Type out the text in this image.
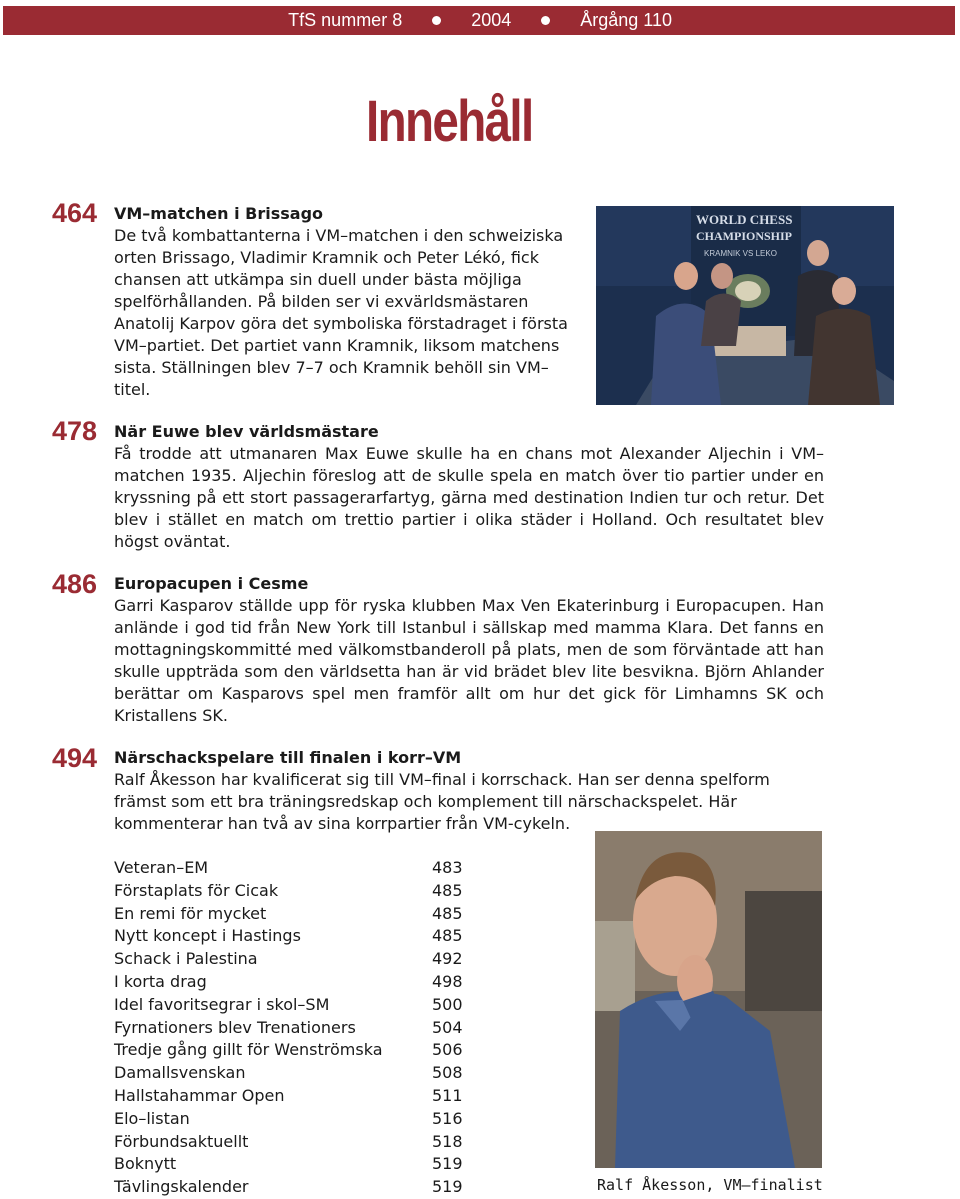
TfS nummer 8	2004	Årgång 110
Innehåll
464 VM–matchen i Brissago

De två kombattanterna i VM–matchen i den schweiziska orten Brissago, Vladimir Kramnik och Peter Lékó, fick chansen att utkämpa sin duell under bästa möjliga spelförhållanden. På bilden ser vi exvärldsmästaren Anatolij Karpov göra det symboliska förstadraget i första VM–partiet. Det partiet vann Kramnik, liksom matchens sista. Ställningen blev 7–7 och Kramnik behöll sin VM–titel.

WORLD CHESS
CHAMPIONSHIP
KRAMNIK VS LEKO
478 När Euwe blev världsmästare

Få trodde att utmanaren Max Euwe skulle ha en chans mot Alexander Aljechin i VM–matchen 1935. Aljechin föreslog att de skulle spela en match över tio partier under en kryssning på ett stort passagerarfartyg, gärna med destination Indien tur och retur. Det blev i stället en match om trettio partier i olika städer i Holland. Och resultatet blev högst oväntat.

486 Europacupen i Cesme

Garri Kasparov ställde upp för ryska klubben Max Ven Ekaterinburg i Europacupen. Han anlände i god tid från New York till Istanbul i sällskap med mamma Klara. Det fanns en mottagningskommitté med välkomstbanderoll på plats, men de som förväntade att han skulle uppträda som den världsetta han är vid brädet blev lite besvikna. Björn Ahlander berättar om Kasparovs spel men framför allt om hur det gick för Limhamns SK och Kristallens SK.

494 Närschackspelare till finalen i korr–VM

Ralf Åkesson har kvalificerat sig till VM–final i korrschack. Han ser denna spelform främst som ett bra träningsredskap och komplement till närschackspelet. Här kommenterar han två av sina korrpartier från VM-cykeln.

Veteran–EM	483
Förstaplats för Cicak	485
En remi för mycket	485
Nytt koncept i Hastings	485
Schack i Palestina	492
I korta drag	498
Idel favoritsegrar i skol–SM	500
Fyrnationers blev Trenationers	504
Tredje gång gillt för Wenströmska	506
Damallsvenskan	508
Hallstahammar Open	511
Elo–listan	516
Förbundsaktuellt	518
Boknytt	519
Tävlingskalender	519	Ralf Åkesson, VM–finalist
